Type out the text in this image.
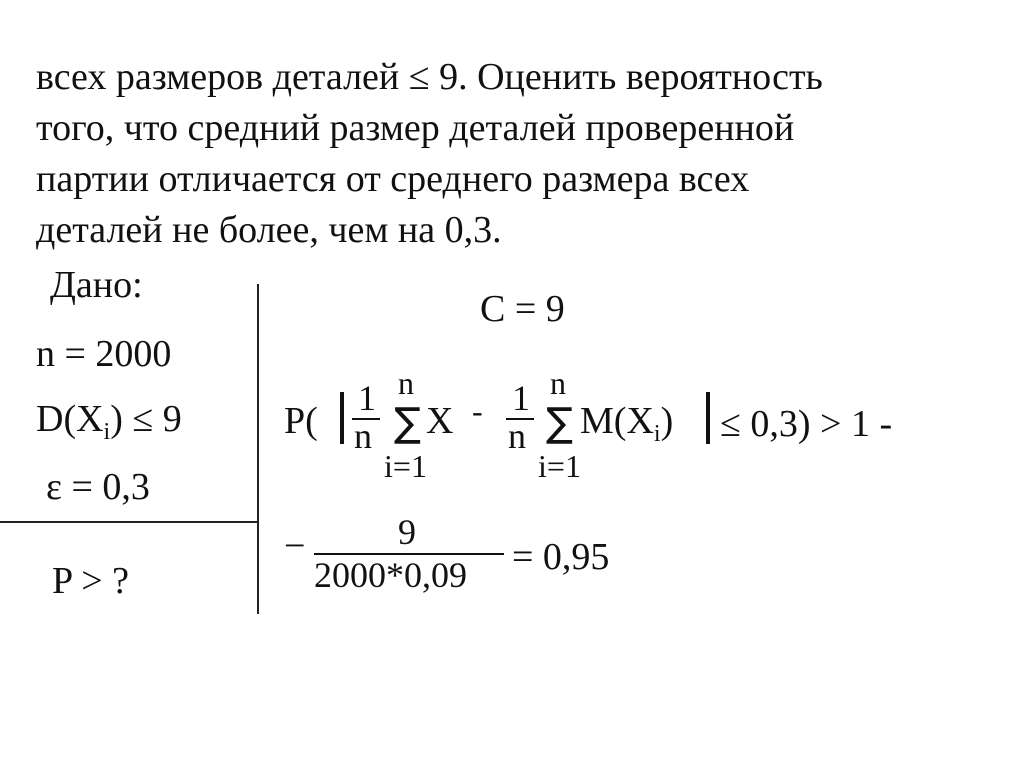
всех размеров деталей ≤ 9. Оценить вероятность
того, что средний размер деталей проверенной
партии отличается от среднего размера всех
деталей не более, чем на 0,3.
Дано:
n = 2000
$D(X_i) \le 9$
ε = 0,3
P > ?
C = 9
P(
1
n
n
∑
i=1
X - 1
n
n
∑
i=1
$M(X_i) \le 0,3) > 1$ -
−	9
2000*0,09 = 0,95
